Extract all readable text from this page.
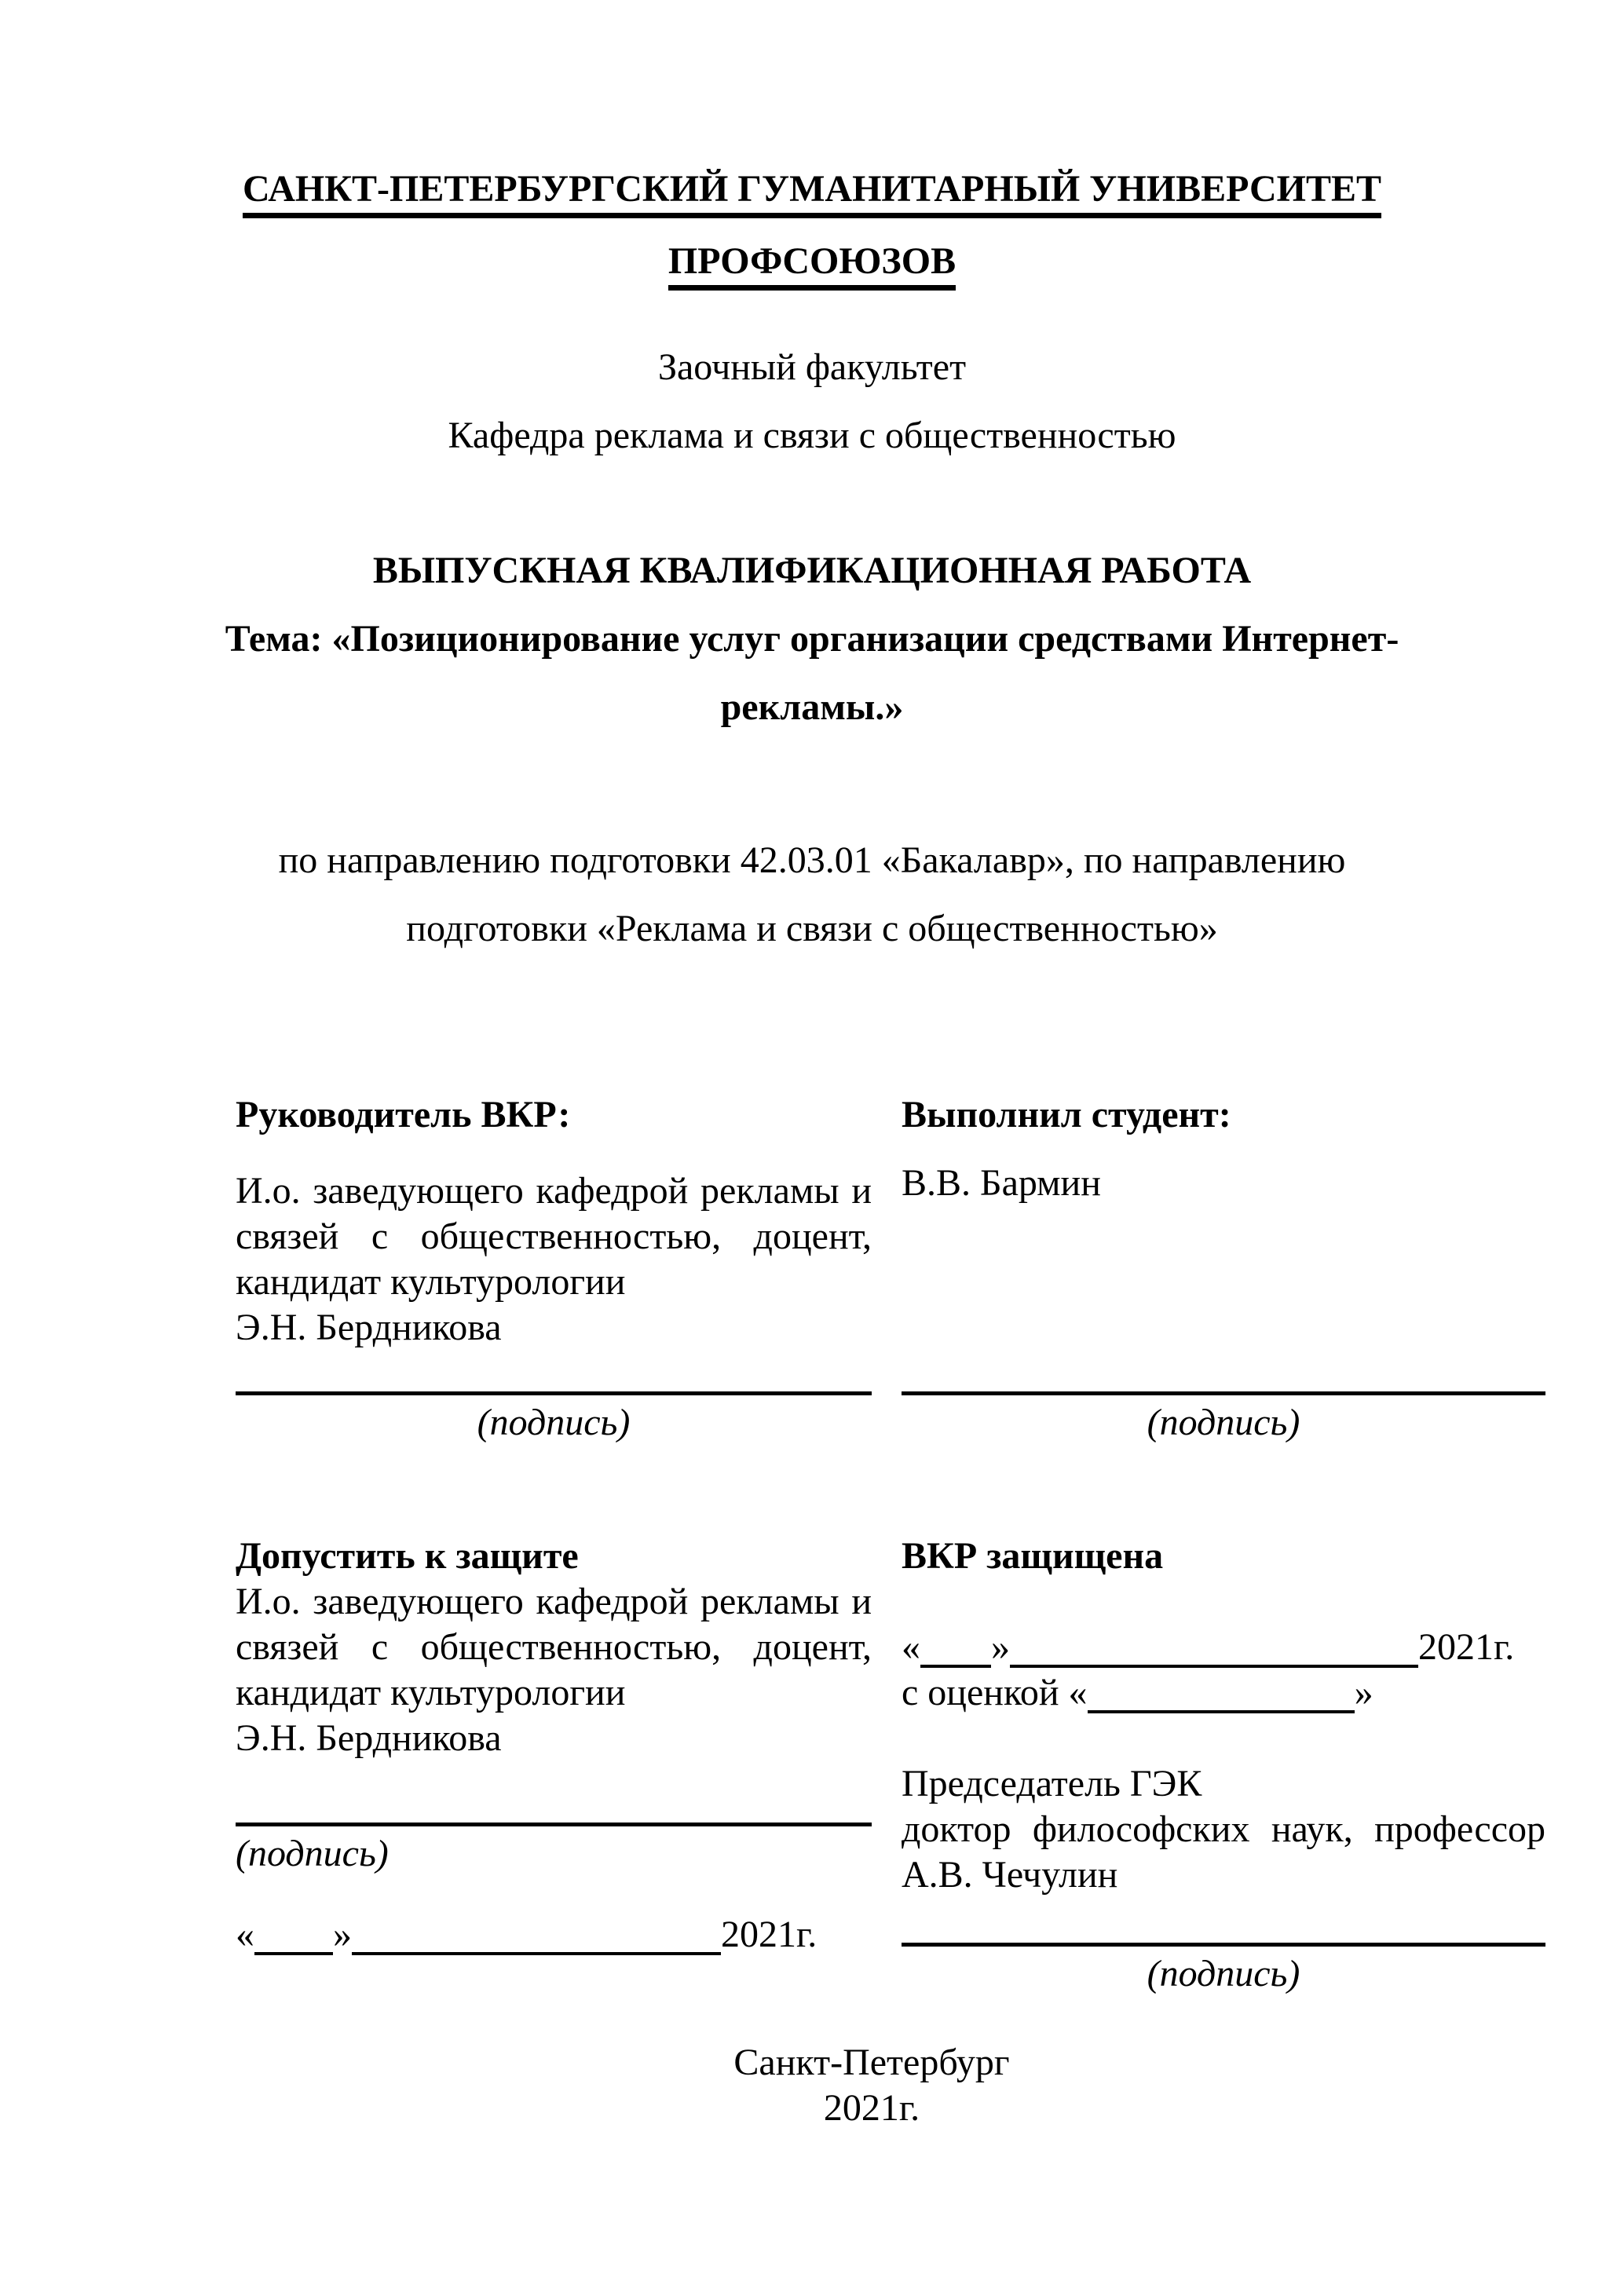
САНКТ-ПЕТЕРБУРГСКИЙ ГУМАНИТАРНЫЙ УНИВЕРСИТЕТ
ПРОФСОЮЗОВ
Заочный факультет
Кафедра реклама и связи с общественностью
ВЫПУСКНАЯ КВАЛИФИКАЦИОННАЯ РАБОТА
Тема: «Позиционирование услуг организации средствами Интернет-
рекламы.»
по направлению подготовки 42.03.01 «Бакалавр», по направлению
подготовки «Реклама и связи с общественностью»
Руководитель ВКР:

И.о. заведующего кафедрой рекламы и связей с общественностью, доцент, кандидат культурологии

Э.Н. Бердникова
(подпись)
Выполнил студент:
В.В. Бармин
(подпись)
Допустить к защите

И.о. заведующего кафедрой рекламы и связей с общественностью, доцент, кандидат культурологии

Э.Н. Бердникова
(подпись)
« »	2021г.
ВКР защищена
« »	2021г.
с оценкой «	»
Председатель ГЭК

доктор философских наук, профессор А.В. Чечулин

(подпись)
Санкт-Петербург
2021г.
